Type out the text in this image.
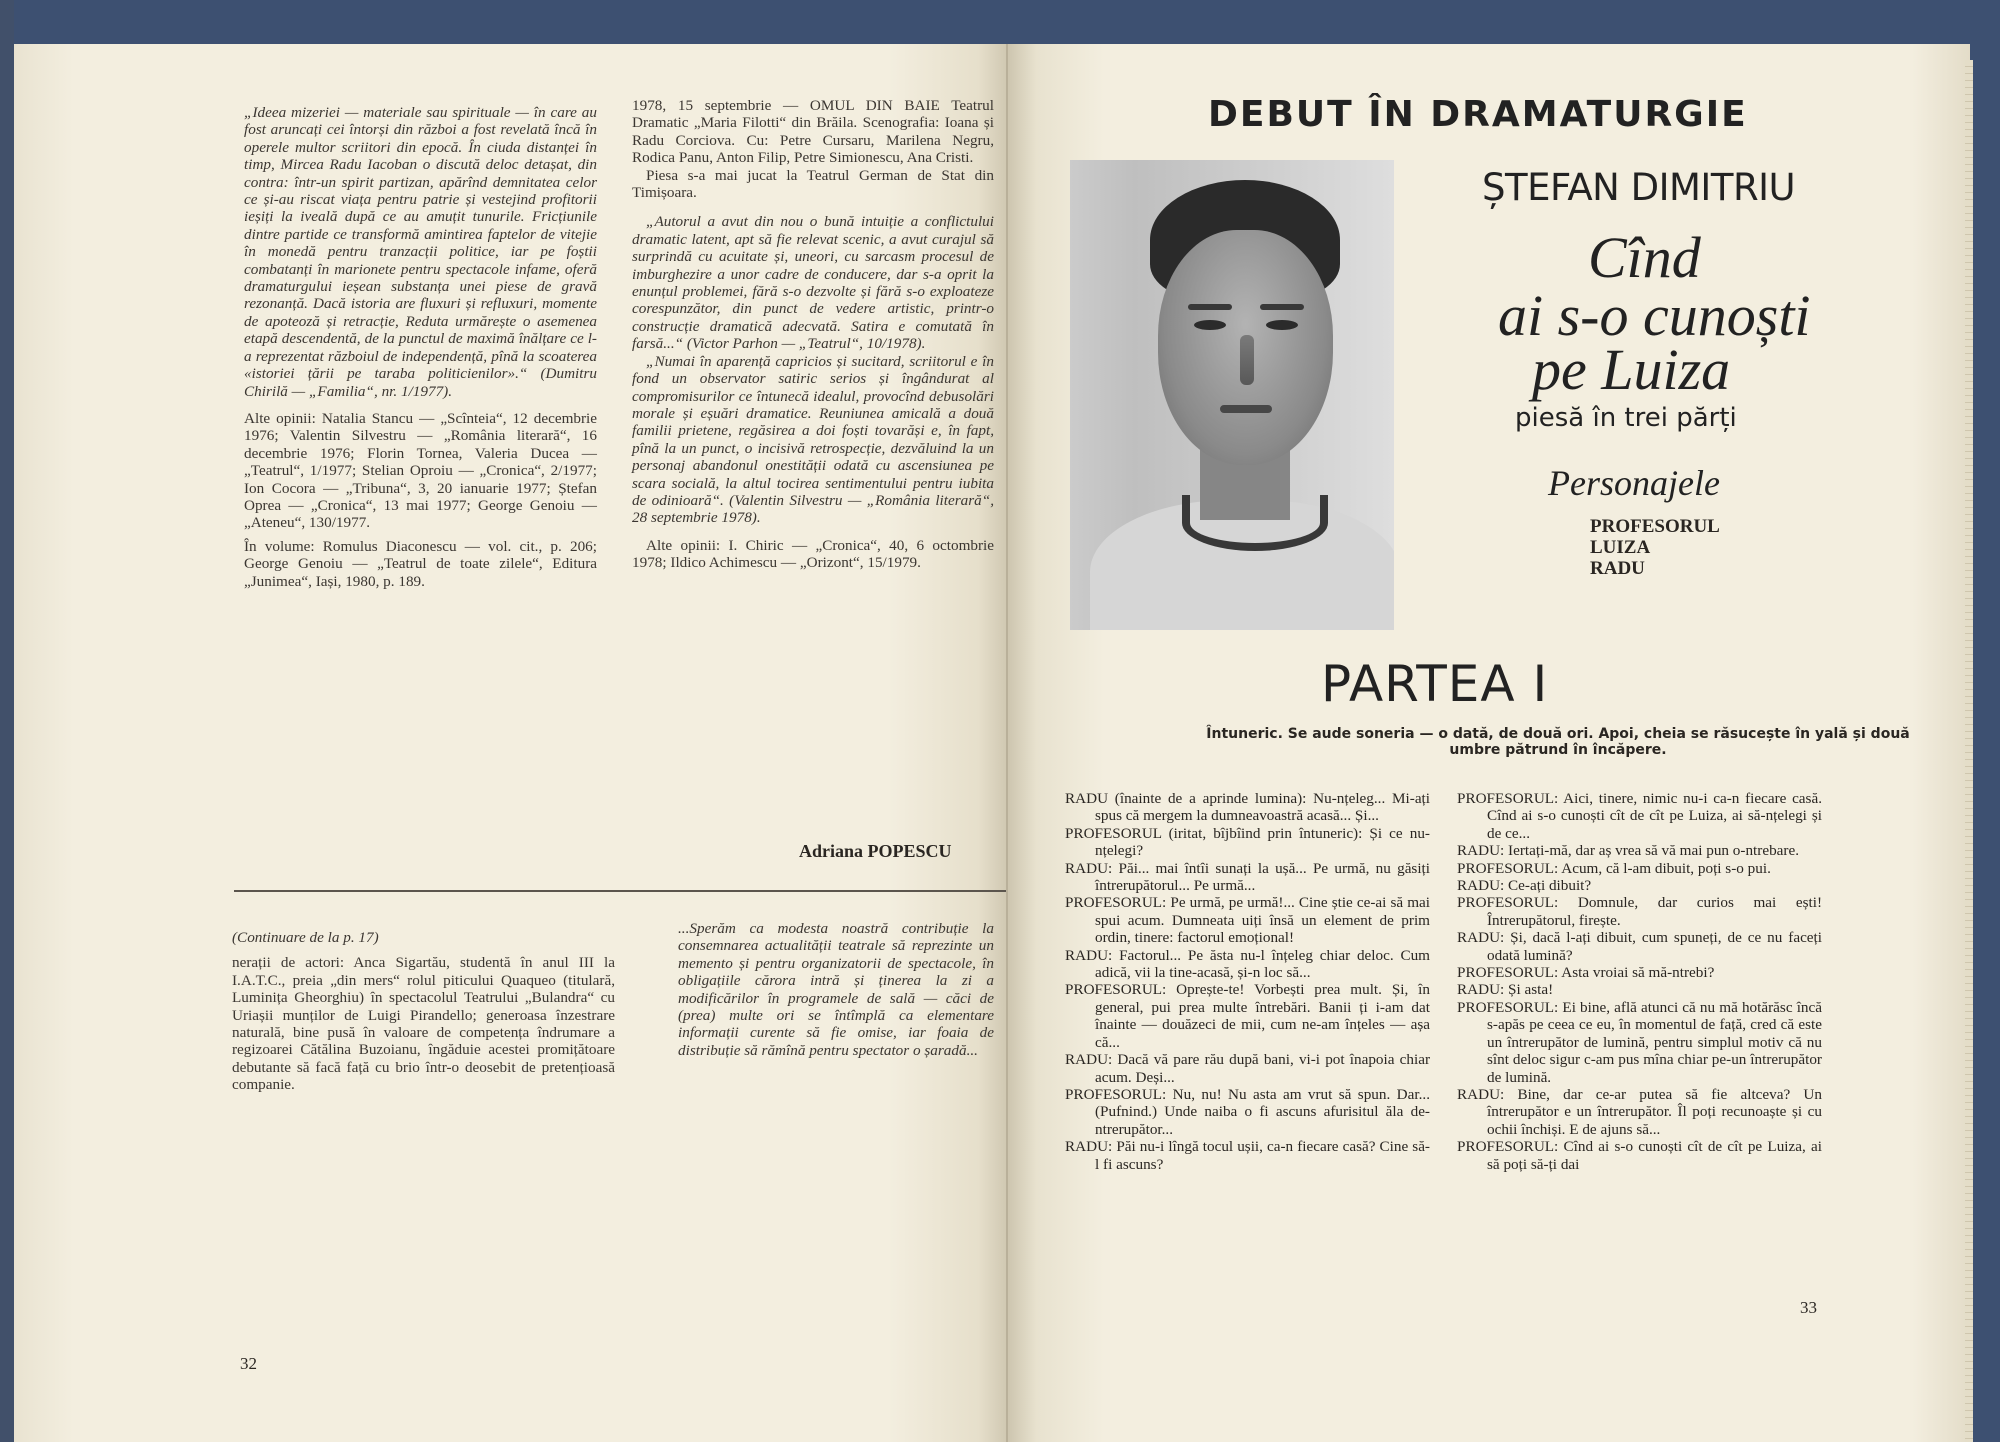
„Ideea mizeriei — materiale sau spirituale — în care au fost aruncați cei întorși din război a fost revelată încă în operele multor scriitori din epocă. În ciuda distanței în timp, Mircea Radu Iacoban o discută deloc detașat, din contra: într-un spirit partizan, apărînd demnitatea celor ce și-au riscat viața pentru patrie și vestejind profitorii ieșiți la iveală după ce au amuțit tunurile. Fricțiunile dintre partide ce transformă amintirea faptelor de vitejie în monedă pentru tranzacții politice, iar pe foștii combatanți în marionete pentru spectacole infame, oferă dramaturgului ieșean substanța unei piese de gravă rezonanță. Dacă istoria are fluxuri și refluxuri, momente de apoteoză și retracție, Reduta urmărește o asemenea etapă descendentă, de la punctul de maximă înălțare ce l-a reprezentat războiul de independență, pînă la scoaterea «istoriei țării pe taraba politicienilor».“ (Dumitru Chirilă — „Familia“, nr. 1/1977).

Alte opinii: Natalia Stancu — „Scînteia“, 12 decembrie 1976; Valentin Silvestru — „România literară“, 16 decembrie 1976; Florin Tornea, Valeria Ducea — „Teatrul“, 1/1977; Stelian Oproiu — „Cronica“, 2/1977; Ion Cocora — „Tribuna“, 3, 20 ianuarie 1977; Ștefan Oprea — „Cronica“, 13 mai 1977; George Genoiu — „Ateneu“, 130/1977.

În volume: Romulus Diaconescu — vol. cit., p. 206; George Genoiu — „Teatrul de toate zilele“, Editura „Junimea“, Iași, 1980, p. 189.

1978, 15 septembrie — OMUL DIN BAIE Teatrul Dramatic „Maria Filotti“ din Brăila. Scenografia: Ioana și Radu Corciova. Cu: Petre Cursaru, Marilena Negru, Rodica Panu, Anton Filip, Petre Simionescu, Ana Cristi.

Piesa s-a mai jucat la Teatrul German de Stat din Timișoara.

„Autorul a avut din nou o bună intuiție a conflictului dramatic latent, apt să fie relevat scenic, a avut curajul să surprindă cu acuitate și, uneori, cu sarcasm procesul de imburghezire a unor cadre de conducere, dar s-a oprit la enunțul problemei, fără s-o dezvolte și fără s-o exploateze corespunzător, din punct de vedere artistic, printr-o construcție dramatică adecvată. Satira e comutată în farsă...“ (Victor Parhon — „Teatrul“, 10/1978).

„Numai în aparență capricios și sucitard, scriitorul e în fond un observator satiric serios și îngândurat al compromisurilor ce întunecă idealul, provocînd debusolări morale și eșuări dramatice. Reuniunea amicală a două familii prietene, regăsirea a doi foști tovarăși e, în fapt, pînă la un punct, o incisivă retrospecție, dezvăluind la un personaj abandonul onestității odată cu ascensiunea pe scara socială, la altul tocirea sentimentului pentru iubita de odinioară“. (Valentin Silvestru — „România literară“, 28 septembrie 1978).

Alte opinii: I. Chiric — „Cronica“, 40, 6 octombrie 1978; Ildico Achimescu — „Orizont“, 15/1979.

Adriana POPESCU

(Continuare de la p. 17)

nerații de actori: Anca Sigartău, studentă în anul III la I.A.T.C., preia „din mers“ rolul piticului Quaqueo (titulară, Luminița Gheorghiu) în spectacolul Teatrului „Bulandra“ cu Uriașii munților de Luigi Pirandello; generoasa înzestrare naturală, bine pusă în valoare de competența îndrumare a regizoarei Cătălina Buzoianu, îngăduie acestei promițătoare debutante să facă față cu brio într-o deosebit de pretențioasă companie.

...Sperăm ca modesta noastră contribuție la consemnarea actualității teatrale să reprezinte un memento și pentru organizatorii de spectacole, în obligațiile cărora intră și ținerea la zi a modificărilor în programele de sală — căci de (prea) multe ori se întîmplă ca elementare informații curente să fie omise, iar foaia de distribuție să rămînă pentru spectator o șaradă...

32
DEBUT ÎN DRAMATURGIE
ȘTEFAN DIMITRIU
Cînd
ai s-o cunoști
pe Luiza
piesă în trei părți
Personajele
PROFESORUL
LUIZA
RADU
PARTEA I
Întuneric. Se aude soneria — o dată, de două ori. Apoi, cheia se răsucește în yală și două umbre pătrund în încăpere.
RADU (înainte de a aprinde lumina): Nu-nțeleg... Mi-ați spus că mergem la dumneavoastră acasă... Și...
PROFESORUL (iritat, bîjbîind prin întuneric): Și ce nu-nțelegi?
RADU: Păi... mai întîi sunați la ușă... Pe urmă, nu găsiți întrerupătorul... Pe urmă...
PROFESORUL: Pe urmă, pe urmă!... Cine știe ce-ai să mai spui acum. Dumneata uiți însă un element de prim ordin, tinere: factorul emoțional!
RADU: Factorul... Pe ăsta nu-l înțeleg chiar deloc. Cum adică, vii la tine-acasă, și-n loc să...
PROFESORUL: Oprește-te! Vorbești prea mult. Și, în general, pui prea multe întrebări. Banii ți i-am dat înainte — douăzeci de mii, cum ne-am înțeles — așa că...
RADU: Dacă vă pare rău după bani, vi-i pot înapoia chiar acum. Deși...
PROFESORUL: Nu, nu! Nu asta am vrut să spun. Dar... (Pufnind.) Unde naiba o fi ascuns afurisitul ăla de-ntrerupător...
RADU: Păi nu-i lîngă tocul ușii, ca-n fiecare casă? Cine să-l fi ascuns?
PROFESORUL: Aici, tinere, nimic nu-i ca-n fiecare casă. Cînd ai s-o cunoști cît de cît pe Luiza, ai să-nțelegi și de ce...
RADU: Iertați-mă, dar aș vrea să vă mai pun o-ntrebare.
PROFESORUL: Acum, că l-am dibuit, poți s-o pui.
RADU: Ce-ați dibuit?
PROFESORUL: Domnule, dar curios mai ești! Întrerupătorul, firește.
RADU: Și, dacă l-ați dibuit, cum spuneți, de ce nu faceți odată lumină?
PROFESORUL: Asta vroiai să mă-ntrebi?
RADU: Și asta!
PROFESORUL: Ei bine, află atunci că nu mă hotărăsc încă s-apăs pe ceea ce eu, în momentul de față, cred că este un întrerupător de lumină, pentru simplul motiv că nu sînt deloc sigur c-am pus mîna chiar pe-un întrerupător de lumină.
RADU: Bine, dar ce-ar putea să fie altceva? Un întrerupător e un întrerupător. Îl poți recunoaște și cu ochii închiși. E de ajuns să...
PROFESORUL: Cînd ai s-o cunoști cît de cît pe Luiza, ai să poți să-ți dai
33
